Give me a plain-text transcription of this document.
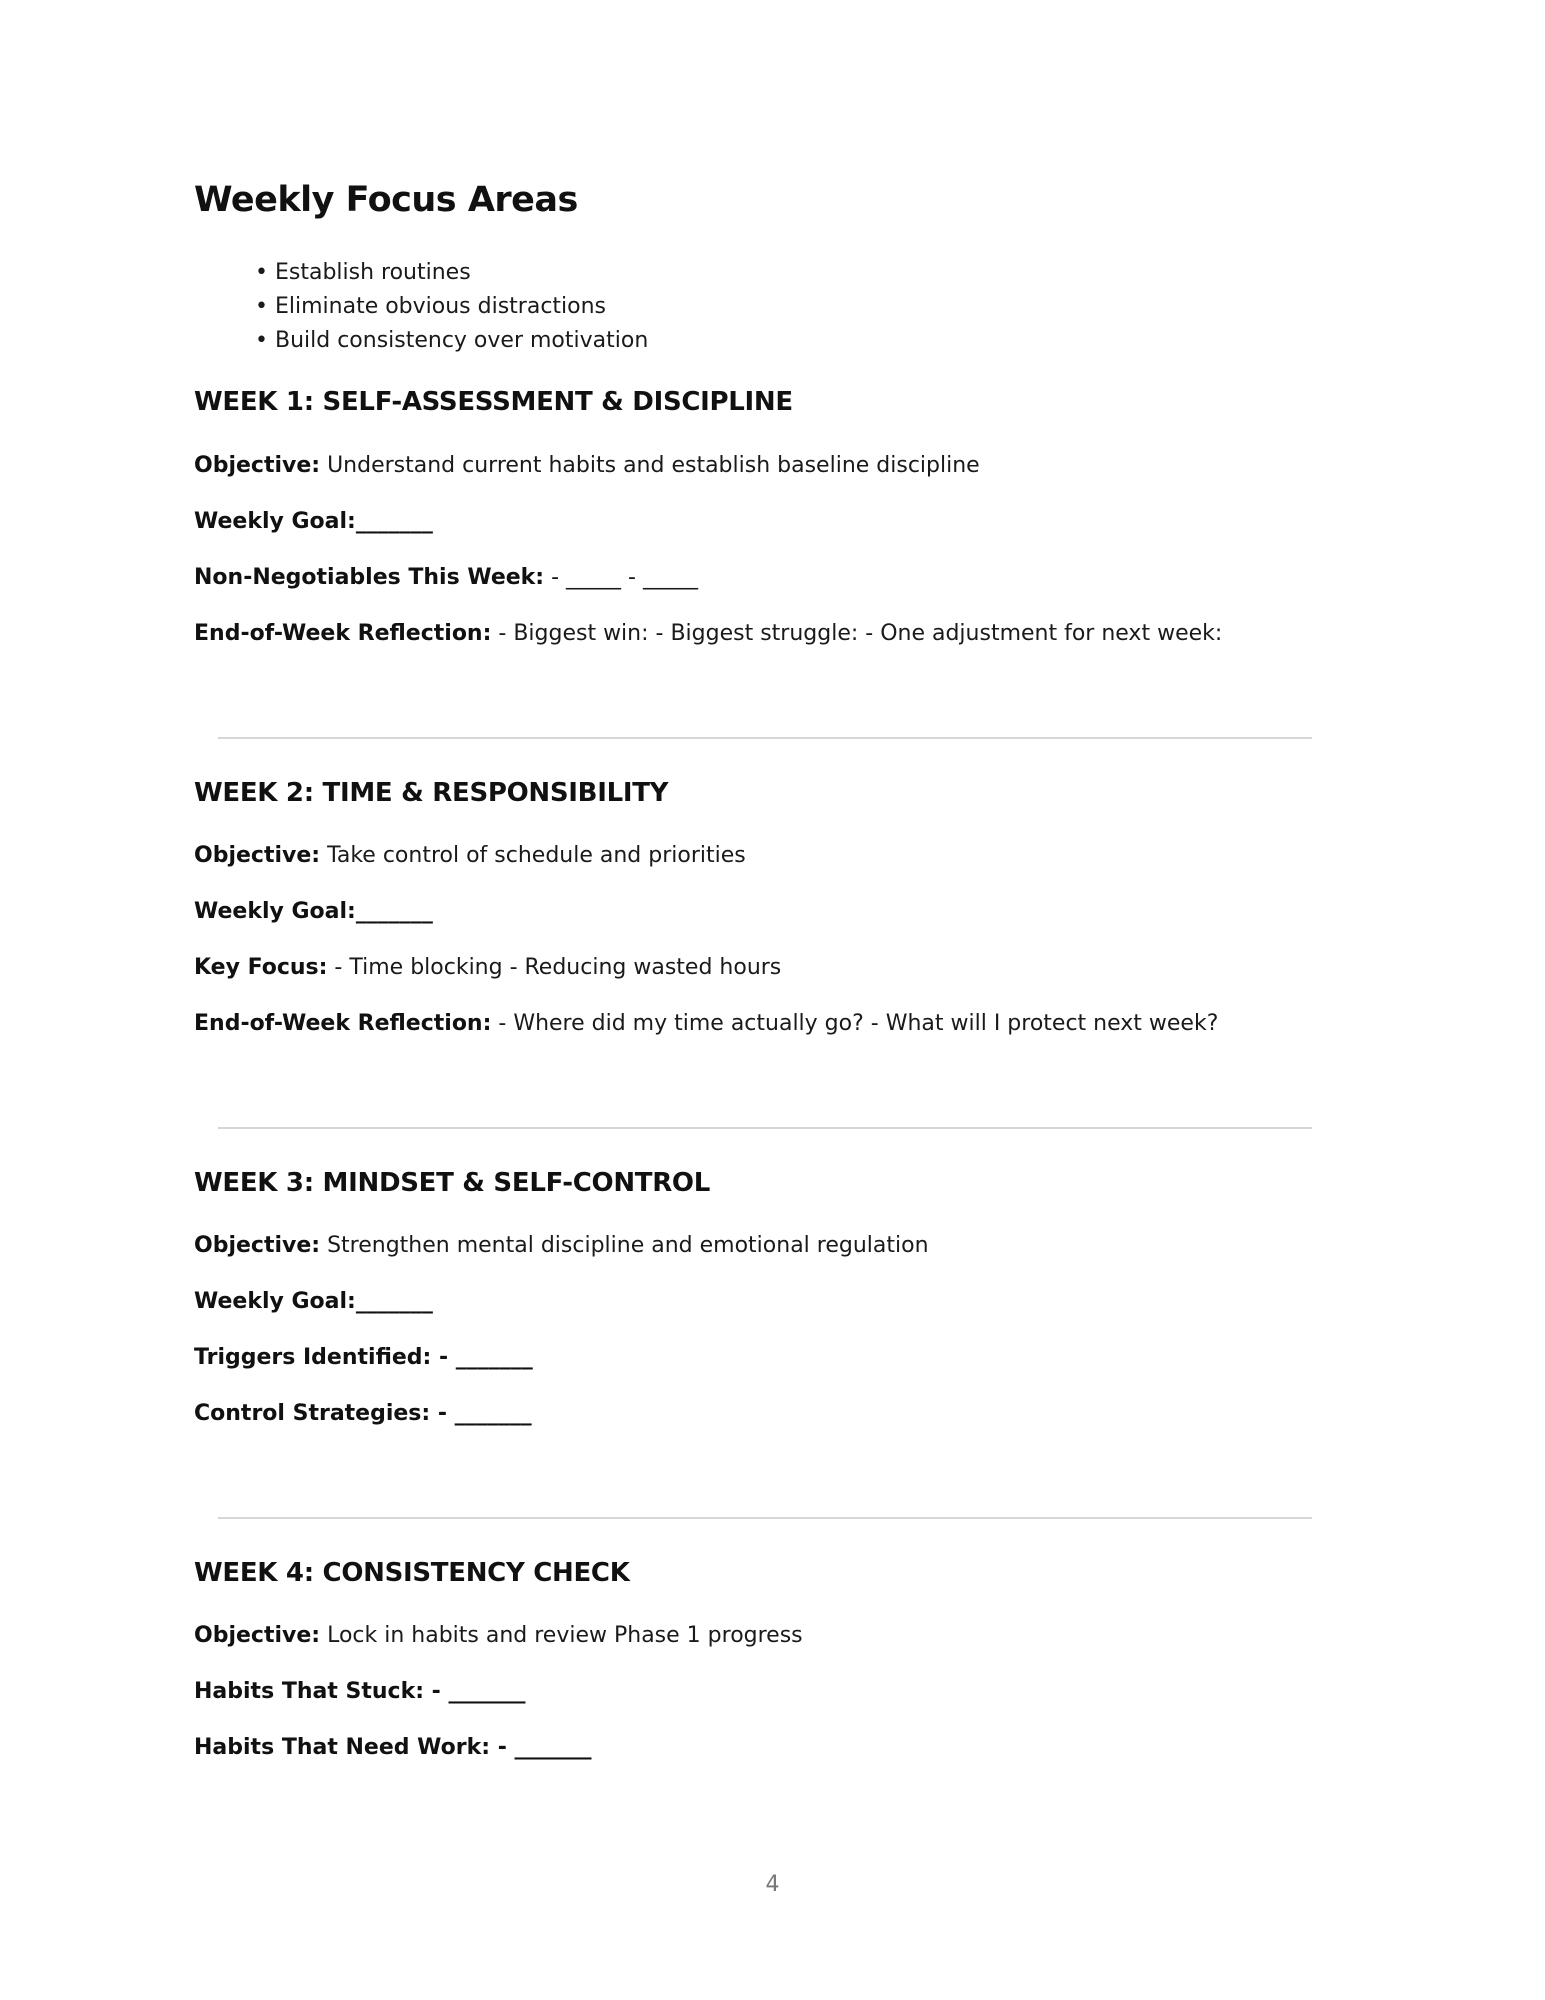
Weekly Focus Areas
• Establish routines
• Eliminate obvious distractions
• Build consistency over motivation
WEEK 1: SELF-ASSESSMENT & DISCIPLINE
Objective: Understand current habits and establish baseline discipline
Weekly Goal:_______
Non-Negotiables This Week: - _____ - _____
End-of-Week Reflection: - Biggest win: - Biggest struggle: - One adjustment for next week:
WEEK 2: TIME & RESPONSIBILITY
Objective: Take control of schedule and priorities
Weekly Goal:_______
Key Focus: - Time blocking - Reducing wasted hours
End-of-Week Reflection: - Where did my time actually go? - What will I protect next week?
WEEK 3: MINDSET & SELF-CONTROL
Objective: Strengthen mental discipline and emotional regulation
Weekly Goal:_______
Triggers Identified: - _______
Control Strategies: - _______
WEEK 4: CONSISTENCY CHECK
Objective: Lock in habits and review Phase 1 progress
Habits That Stuck: - _______
Habits That Need Work: - _______
4
